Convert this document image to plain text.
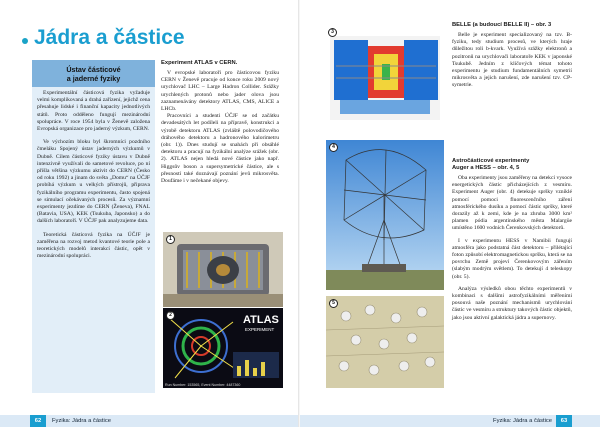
Jádra a částice
Ústav částicové
a jaderné fyziky

Experimentální částicová fyzika vyžaduje velmi komplikovaná a drahá zařízení, jejichž cena přesahuje lidské i finanční kapacity jednotlivých států. Proto odděleno fungují mezinárodní spolupráce. V roce 1954 byla v Ženevě založena Evropská organizace pro jaderný výzkum, CERN.

Ve výchozím bloku byl škromníci pozdního čmeláku Spojený ústav jaderných výzkumů v Dubně. Cílem částicové fyziky ústavu v Dubně intenzivně využívali do sametové revoluce, po ní přišla většina výzkumu aktivit do CERN (Česko od roku 1992) a jinam do světa „Domu“ na ÚČJF probíhá výzkum u velkých přístrojů, připrava fyzikálního programu experimentu, často spojená se simulací očekávaných procesů. Za významní experimenty jezdíme do CERN (Ženeva), FNAL (Batavia, USA), KEK (Tsukuba, Japonsko) a do dalších laboratoří. V ÚČJF pak analyzujeme data.

Teoretická částicová fyzika na ÚČJF je zaměřena na rozvoj metod kvantové teorie pole a teoretických modelů interakcí částic, opět v mezinárodní spolupráci.

Experiment ATLAS v CERN.

V evropské laboratoři pro částicovou fyziku CERN v Ženevě pracuje od konce roku 2009 nový urychlovač LHC – Large Hadron Collider. Srážky urychlených protonů nebo jader olova jsou zaznamenávány detektory ATLAS, CMS, ALICE a LHCb.

Pracovníci a studenti ÚČJF se od začátku devadesátých let podíleli na přípravě, konstrukci a výrobě detektoru ATLAS (zvláště polovodičového dráhového detektoru a hadronového kalorimetru (obr. 1)). Dnes studují se snahách při obsáhlé detektoru a pracují na fyzikální analýze srážek (obr. 2). ATLAS nejen hledá nové částice jako např. Higgsův boson a supersymetrické částice, ale s přesností také doznávají poznání jevů mikrosvěta. Doufáme i v nečekané objevy.

1
ATLAS
EXPERIMENT
Run Number: 153565, Event Number: 4487360
2
62	Fyzika: Jádra a částice
3
BELLE (a budoucí BELLE II) – obr. 3

Belle je experiment specializovaný na tzv. B-fyziku, tedy studium procesů, ve kterých hraje důležitou roli b-kvark. Využívá srážky elektronů a pozitronů na urychlovači laboratoře KEK v japonské Tsukubě. Jedním z klíčových témat tohoto experimentu je studium fundamentálních symetrií mikrosvěta a jejich narušení, zde narušení tzv. CP-symetrie.

4
5
Astročásticové experimenty
Auger a HESS – obr. 4, 5

Oba experimenty jsou zaměřeny na detekci vysoce energetických částic přicházejících z vesmíru. Experiment Auger (obr. 4) detekuje spršky vzniklé pomocí pomoci fluorescenčního záření atmosférického dusíku a pomocí částic spršky, které dorazily až k zemi, kde je na zhruba 3000 km² plamen pódia argentinského města Malargüe umístěno 1600 vodních Čerenkovských detektorů.

I v experimentu HESS v Namibii fungují atmosféra jako podstatná část detektoru – přilétající foton způsobí elektromagnetickou spršku, která se na povrchu Země projeví Čerenkovovým zářením (slabým modrým světlem). To detekují 4 teleskopy (obr. 5).

Analýza výsledků obou těchto experimentů v kombinaci s dalšími astrofyzikálními měřeními posouvá naše poznání mechanismů urychlování částic ve vesmíru a struktury takových částic objektů, jako jsou aktivní galaktická jádra a supernovy.

Fyzika: Jádra a částice	63
